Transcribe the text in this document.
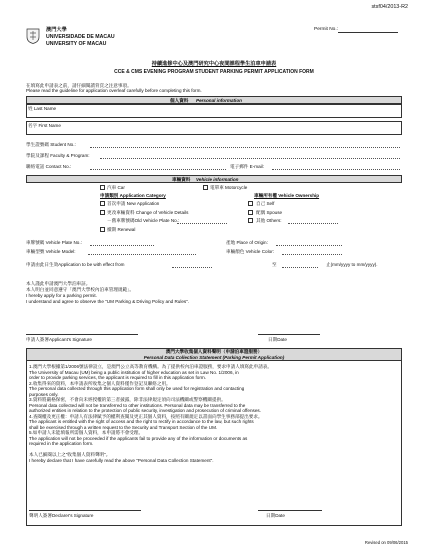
stsf04/2013-R2
Permit No.:
澳門大學
UNIVERSIDADE DE MACAU
UNIVERSITY OF MACAU
持續進修中心及澳門研究中心夜間課程學生泊車申請表
CCE & CMS EVENING PROGRAM STUDENT PARKING PERMIT APPLICATION FORM
在填寫此申請表之前，請仔細閱讀背頁之注意事項。
Please read the guideline for application overleaf carefully before completing this form.
個人資料 Personal information
姓 Last Name
名字 First Name
學生證號碼 Student No.:
學院及課程 Faculty & Program:
聯絡電話 Contact No.:	電子郵件 E-mail:
車輛資料 Vehicle information
汽車 Car	電單車 Motorcycle
申請類別 Application Category	車輛所有權 Vehicle Ownership
首次申請 New Application
更改車輛資料 Change of Vehicle Details
－舊車牌號碼Old Vehicle Plate No.:
續期 Renewal
自己 Self
配偶 Spouse
其他 Others:
車牌號碼 Vehicle Plate No.:	產地 Place of Origin:
車輛型號 Vehicle Model:	車輛顏色 Vehicle Color:
申請由此日生效Application to be with effect from	至	止(mm/yyyy to mm/yyyy).
本人謹此申請澳門大學泊車証。
本人明白並同意遵守「澳門大學校內泊車管理規範」。
I hereby apply for a parking permit.
I understand and agree to observe the "UM Parking & Driving Policy and Rules".
申請人簽署Applicant's Signature	日期Date
澳門大學收集個人資料聲明（申請泊車證服務）
Personal Data Collection Statement (Parking Permit Application)
1.澳門大學根據第1/2006號法律設立，是澳門公立高等教育機構。為了提供校內泊車證服務，要求申請人填寫此申請表。
The University of Macau (UM) being a public institution of higher education as set in Law No. 1/2006, in
order to provide parking services, the applicant is required to fill in this application form.
2.收集得來的資料，本申請表所收集之個人資料僅作登記及聯絡之用。
The personal data collected through this application form shall only be used for registration and contacting
purposes only.
3.資料將嚴格保密，不會向未經授權的第三者披露，除非法律規定須向司法機關或警察機關提供。
Personal data collected will not be transferred to other institutions. Personal data may be transferred to the
authorized entities in relation to the protection of public security, investigation and prosecution of criminal offenses.
4.查閱權及更正權：申請人有法律賦予的權利查閱及更正其個人資料，按照有關規定以書面向學生事務部提出要求。
The applicant is entitled with the right of access and the right to rectify in accordance to the law, but such rights
shall be exercised through a written request to the Security and Transport Section of the UM.
5.如申請人未能填報所需個人資料，本申請將不會受理。
The application will not be proceeded if the applicants fail to provide any of the information or documents as
required in the application form.
本人已細閱以上之"收集個人資料聲明"。
I hereby declare that I have carefully read the above "Personal Data Collection Statement".
聲明人簽署Declarer's Signature	日期Date
Revised on 09/06/2015
